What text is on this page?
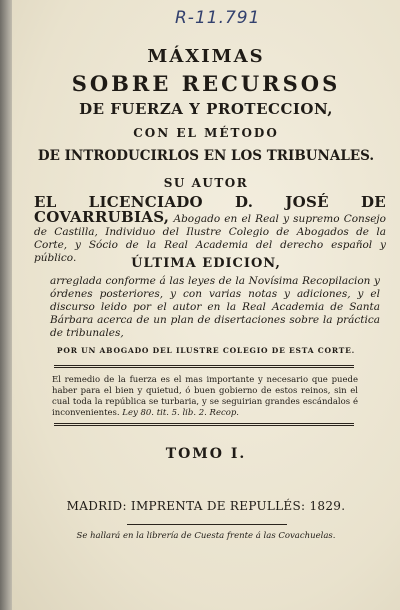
R-11.791
MÁXIMAS
SOBRE RECURSOS
DE FUERZA Y PROTECCION,
CON EL MÉTODO
DE INTRODUCIRLOS EN LOS TRIBUNALES.
SU AUTOR
EL LICENCIADO D. JOSÉ DE COVARRUBIAS, Abogado en el Real y supremo Consejo de Castilla, Individuo del Ilustre Colegio de Abogados de la Corte, y Sócio de la Real Academia del derecho español y público.	ÚLTIMA EDICION,
arreglada conforme á las leyes de la Novísima Recopilacion y órdenes posteriores, y con varias notas y adiciones, y el discurso leido por el autor en la Real Academia de Santa Bárbara acerca de un plan de disertaciones sobre la práctica de tribunales,
POR UN ABOGADO DEL ILUSTRE COLEGIO DE ESTA CORTE.
El remedio de la fuerza es el mas importante y necesario que puede haber para el bien y quietud, ó buen gobierno de estos reinos, sin el cual toda la república se turbaria, y se seguirian grandes escándalos é inconvenientes. Ley 80. tit. 5. lib. 2. Recop.
TOMO I.
MADRID: IMPRENTA DE REPULLÉS: 1829.
Se hallará en la librería de Cuesta frente á las Covachuelas.
